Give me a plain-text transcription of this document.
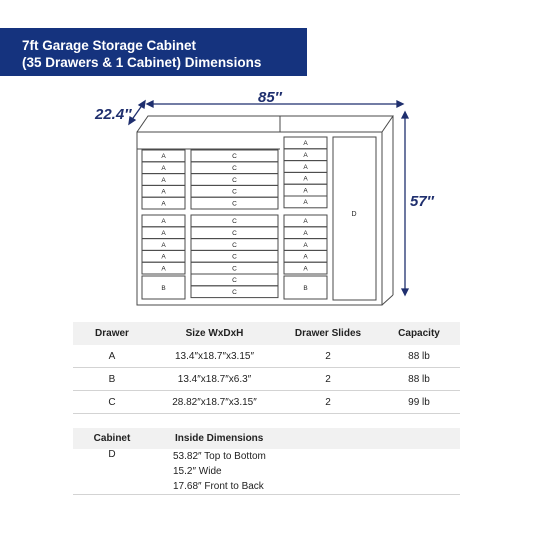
7ft Garage Storage Cabinet
(35 Drawers & 1 Cabinet) Dimensions
A
A
A
A
A
A
A
A
A
A
B
C
C
C
C
C
C
C
C
C
C
C
C
A
A
A
A
A
A
A
A
A
A
A
B
D
85″
22.4″
57″
Drawer	Size WxDxH	Drawer Slides	Capacity
A	13.4″x18.7″x3.15″	2	88 lb
B	13.4″x18.7″x6.3″	2	88 lb
C	28.82″x18.7″x3.15″	2	99 lb
Cabinet	Inside Dimensions
D	53.82″ Top to Bottom
15.2″ Wide
17.68″ Front to Back
